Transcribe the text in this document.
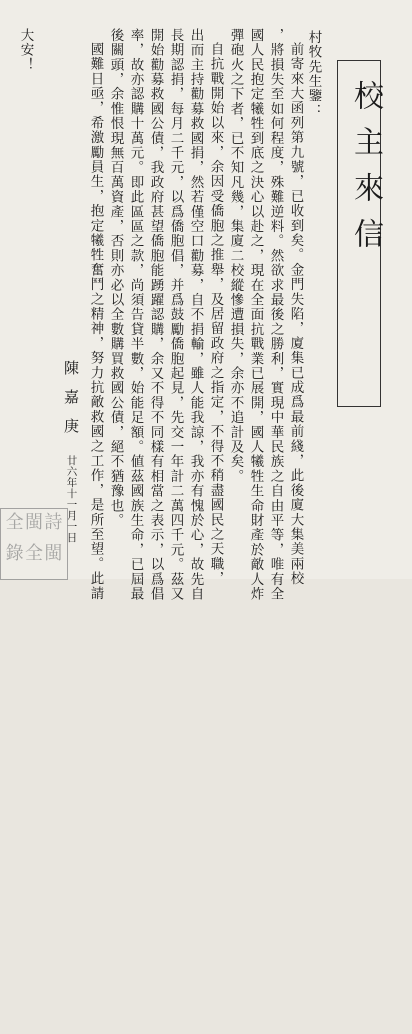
校主來信
村牧先生鑒：
前寄來大函列第九號，已收到矣。金門失陷，廈集已成爲最前綫，此後廈大集美兩校
，將損失至如何程度，殊難逆料。然欲求最後之勝利，實現中華民族之自由平等，唯有全
國人民抱定犧牲到底之決心以赴之，現在全面抗戰業已展開，國人犧牲生命財產於敵人炸
彈砲火之下者，已不知凡幾，集廈二校縱慘遭損失，余亦不追計及矣。
自抗戰開始以來，余因受僑胞之推舉，及居留政府之指定，不得不稍盡國民之天職，
出而主持勸募救國捐，然若僅空口勸募，自不捐輸，雖人能我諒，我亦有愧於心，故先自
長期認捐，每月二千元，以爲僑胞倡，并爲鼓勵僑胞起見，先交一年計二萬四千元。茲又
開始勸募救國公債，我政府甚望僑胞能踴躍認購，余又不得不同樣有相當之表示，以爲倡
率，故亦認購十萬元。即此區區之款，尚須告貸半數，始能足額。値茲國族生命，已屆最
後關頭，余惟恨現無百萬資產，否則亦必以全數購買救國公債，絕不猶豫也。
國難日亟，希激勵員生，抱定犧牲奮鬥之精神，努力抗敵救國之工作，是所至望。此請
大安！
陳嘉庚
廿六年十一月一日
全 閩 詩
錄 全 閩
